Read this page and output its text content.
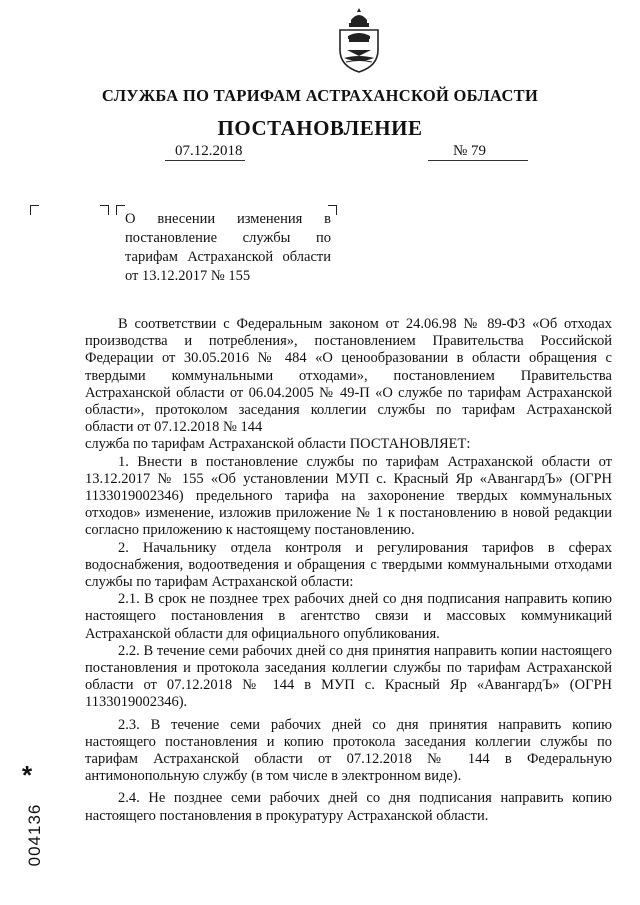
СЛУЖБА ПО ТАРИФАМ АСТРАХАНСКОЙ ОБЛАСТИ
ПОСТАНОВЛЕНИЕ
07.12.2018	№ 79
О внесении изменения в постановление службы по тарифам Астраханской области от 13.12.2017 № 155

В соответствии с Федеральным законом от 24.06.98 № 89-ФЗ «Об отходах производства и потребления», постановлением Правительства Российской Федерации от 30.05.2016 № 484 «О ценообразовании в области обращения с твердыми коммунальными отходами», постановлением Правительства Астраханской области от 06.04.2005 № 49-П «О службе по тарифам Астраханской области», протоколом заседания коллегии службы по тарифам Астраханской области от 07.12.2018 № 144

служба по тарифам Астраханской области ПОСТАНОВЛЯЕТ:

1. Внести в постановление службы по тарифам Астраханской области от 13.12.2017 № 155 «Об установлении МУП с. Красный Яр «АвангардЪ» (ОГРН 1133019002346) предельного тарифа на захоронение твердых коммунальных отходов» изменение, изложив приложение № 1 к постановлению в новой редакции согласно приложению к настоящему постановлению.

2. Начальнику отдела контроля и регулирования тарифов в сферах водоснабжения, водоотведения и обращения с твердыми коммунальными отходами службы по тарифам Астраханской области:

2.1. В срок не позднее трех рабочих дней со дня подписания направить копию настоящего постановления в агентство связи и массовых коммуникаций Астраханской области для официального опубликования.

2.2. В течение семи рабочих дней со дня принятия направить копии настоящего постановления и протокола заседания коллегии службы по тарифам Астраханской области от 07.12.2018 № 144 в МУП с. Красный Яр «АвангардЪ» (ОГРН 1133019002346).

2.3. В течение семи рабочих дней со дня принятия направить копию настоящего постановления и копию протокола заседания коллегии службы по тарифам Астраханской области от 07.12.2018 № 144 в Федеральную антимонопольную службу (в том числе в электронном виде).

2.4. Не позднее семи рабочих дней со дня подписания направить копию настоящего постановления в прокуратуру Астраханской области.

*
004136
